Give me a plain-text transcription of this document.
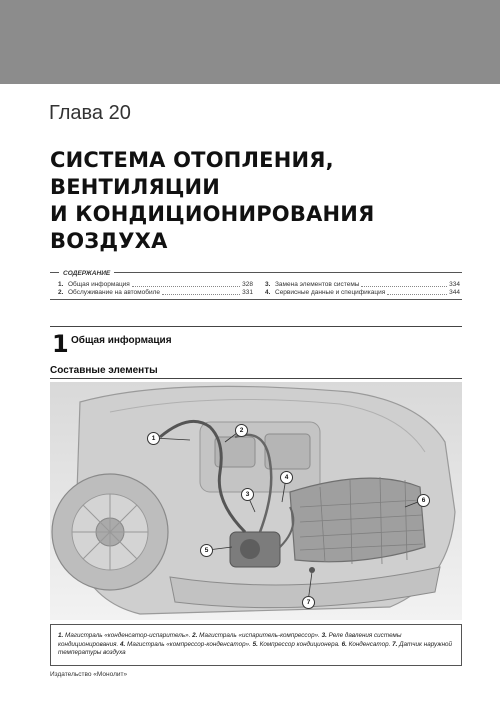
Глава 20
СИСТЕМА ОТОПЛЕНИЯ,
ВЕНТИЛЯЦИИ
И КОНДИЦИОНИРОВАНИЯ
ВОЗДУХА
СОДЕРЖАНИЕ
1. Общая информация	328
2. Обслуживание на автомобиле	331
3. Замена элементов системы	334
4. Сервисные данные и спецификация	344
1 Общая информация
Составные элементы
1
2
3
4
5
6
7
1. Магистраль «конденсатор-испаритель». 2. Магистраль «испаритель-компрессор». 3. Реле давления системы кондиционирования. 4. Магистраль «компрессор-конденсатор». 5. Компрессор кондиционера. 6. Конденсатор. 7. Датчик наружной температуры воздуха
Издательство «Монолит»
